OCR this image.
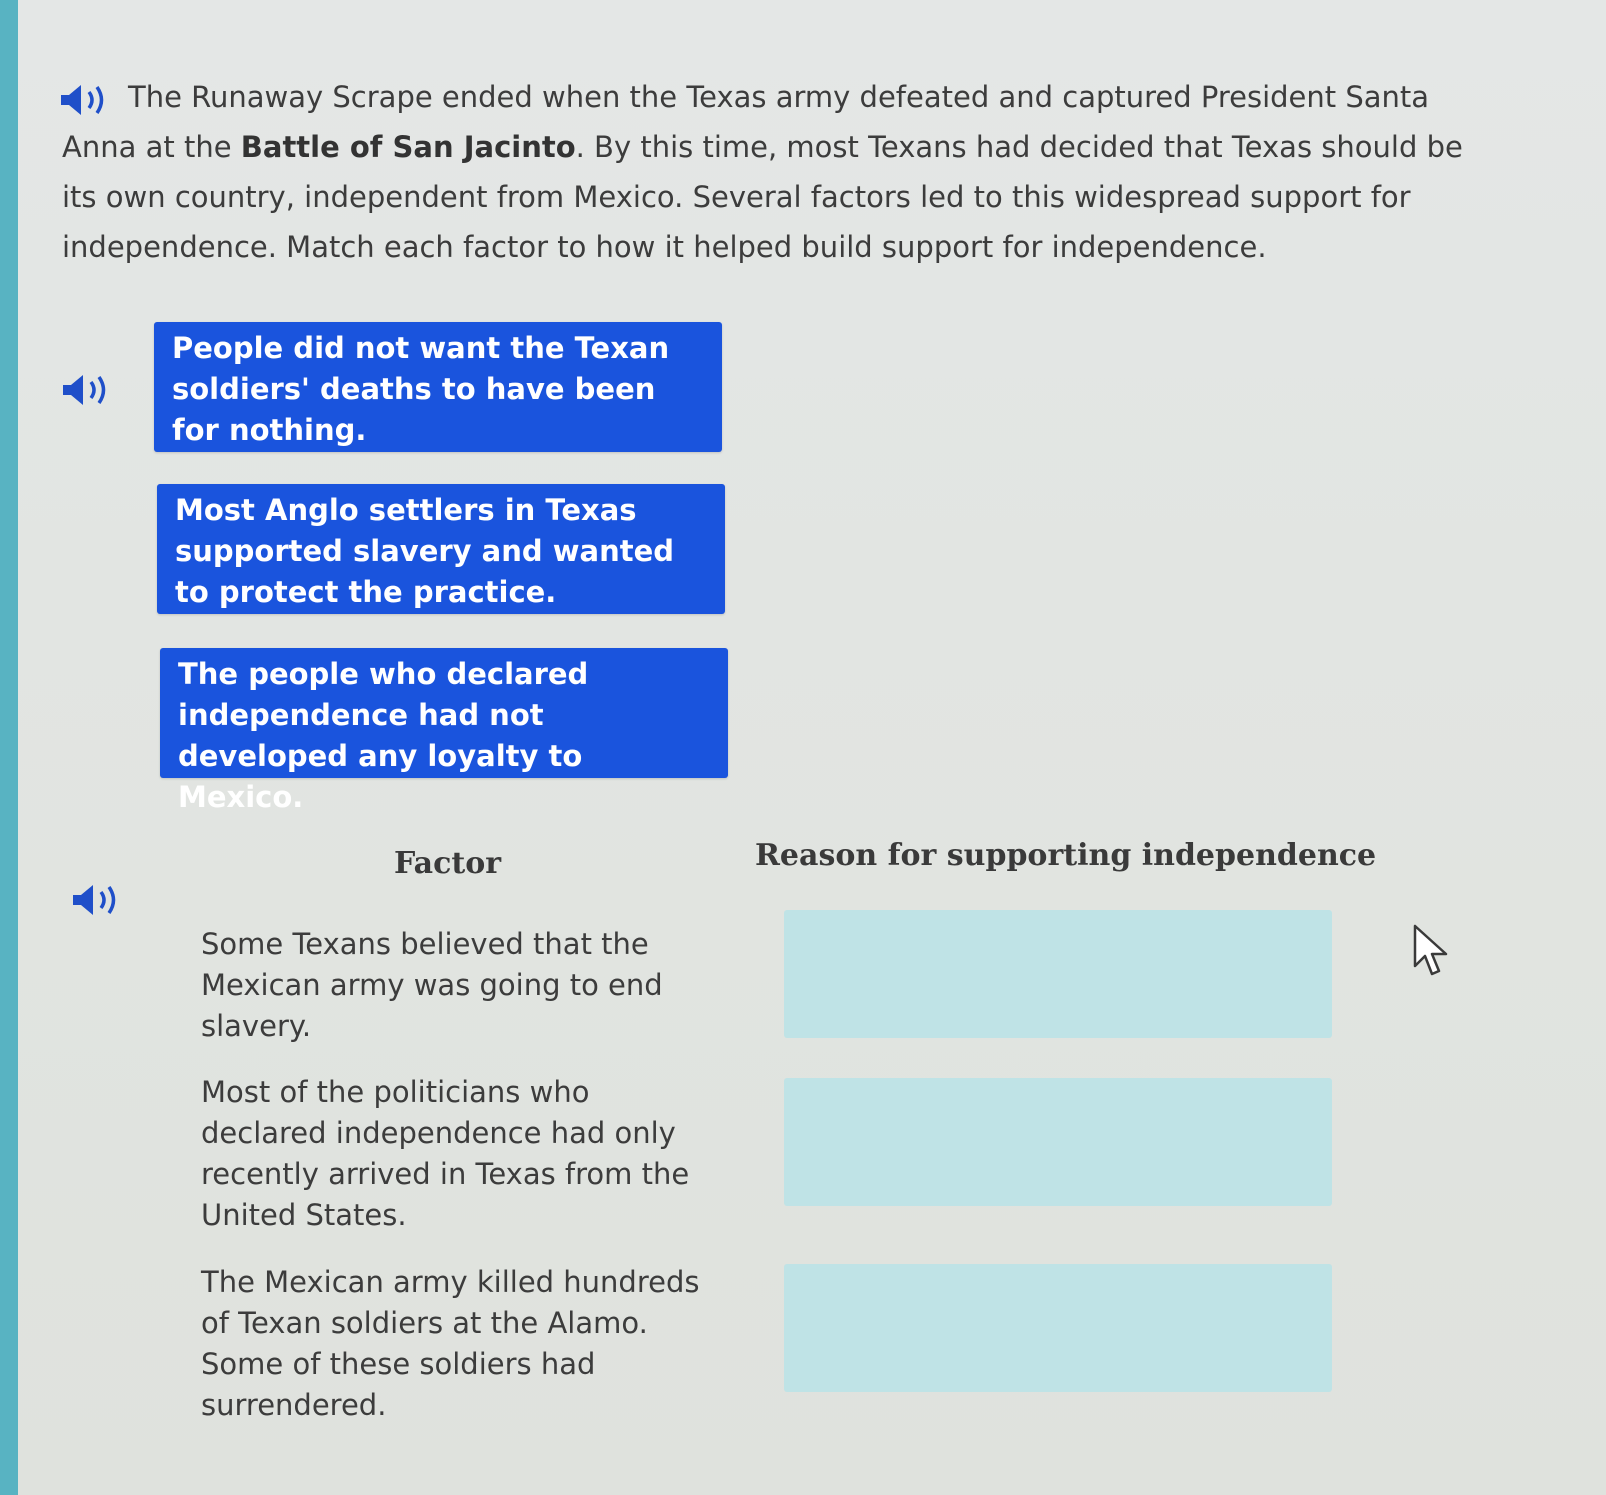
The Runaway Scrape ended when the Texas army defeated and captured President Santa Anna at the Battle of San Jacinto. By this time, most Texans had decided that Texas should be its own country, independent from Mexico. Several factors led to this widespread support for independence. Match each factor to how it helped build support for independence.

People did not want the Texan soldiers' deaths to have been for nothing.
Most Anglo settlers in Texas supported slavery and wanted to protect the practice.
The people who declared independence had not developed any loyalty to Mexico.
Factor	Reason for supporting independence
Some Texans believed that the Mexican army was going to end slavery.
Most of the politicians who declared independence had only recently arrived in Texas from the United States.
The Mexican army killed hundreds of Texan soldiers at the Alamo. Some of these soldiers had surrendered.
